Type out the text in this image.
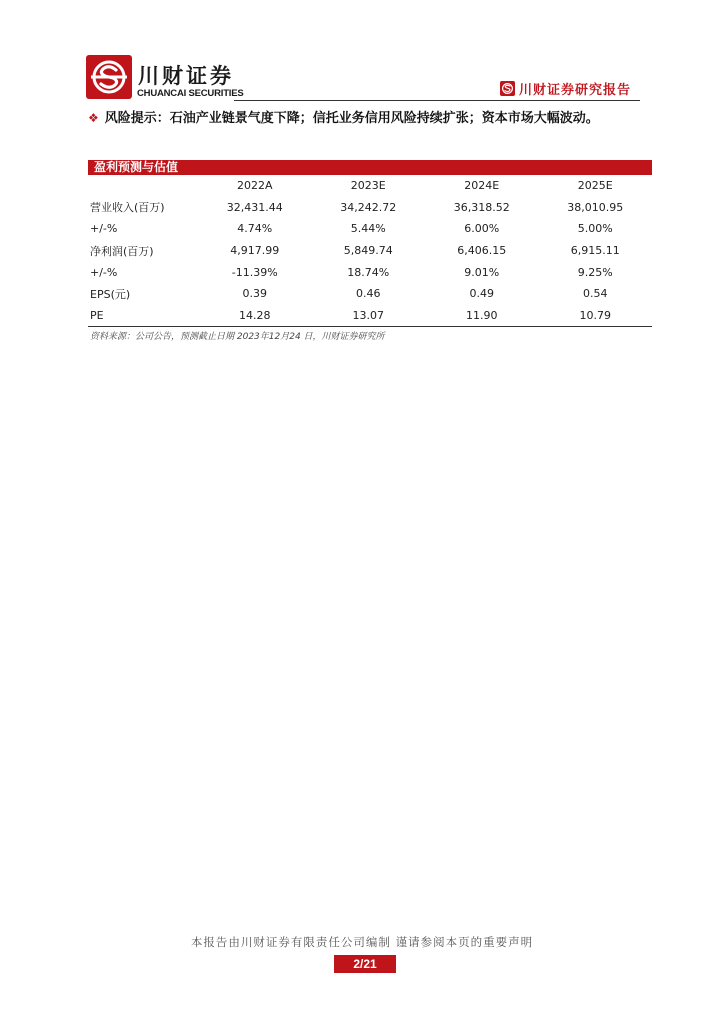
川财证券
CHUANCAI SECURITIES	川财证券研究报告
❖ 风险提示：石油产业链景气度下降；信托业务信用风险持续扩张；资本市场大幅波动。
盈利预测与估值
	2022A	2023E	2024E	2025E
营业收入(百万)	32,431.44	34,242.72	36,318.52	38,010.95
+/-%	4.74%	5.44%	6.00%	5.00%
净利润(百万)	4,917.99	5,849.74	6,406.15	6,915.11
+/-%	-11.39%	18.74%	9.01%	9.25%
EPS(元)	0.39	0.46	0.49	0.54
PE	14.28	13.07	11.90	10.79
资料来源：公司公告，预测截止日期 2023年12月24 日，川财证券研究所
本报告由川财证券有限责任公司编制 谨请参阅本页的重要声明
2/21
